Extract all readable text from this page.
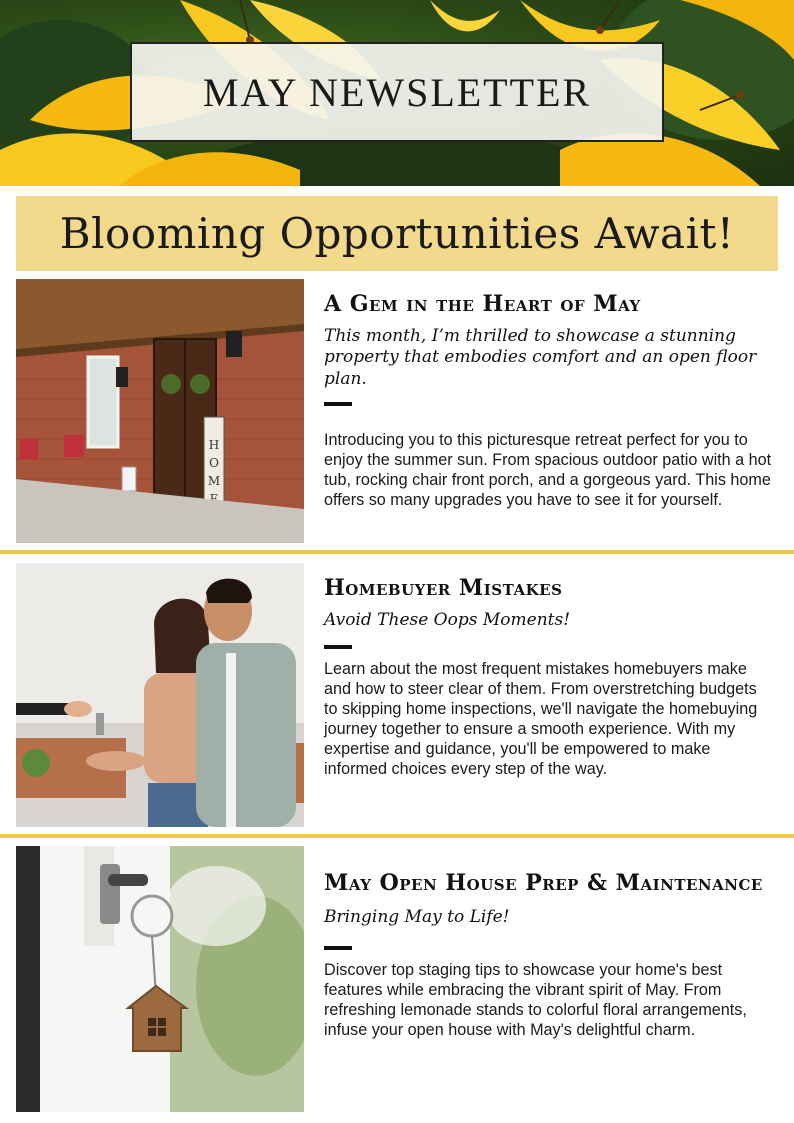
MAY NEWSLETTER
Blooming Opportunities Await!
H
O
M
E
A Gem in the Heart of May

This month, I’m thrilled to showcase a stunning property that embodies comfort and an open floor plan.

Introducing you to this picturesque retreat perfect for you to enjoy the summer sun. From spacious outdoor patio with a hot tub, rocking chair front porch, and a gorgeous yard. This home offers so many upgrades you have to see it for yourself.

Homebuyer Mistakes

Avoid These Oops Moments!

Learn about the most frequent mistakes homebuyers make and how to steer clear of them. From overstretching budgets to skipping home inspections, we'll navigate the homebuying journey together to ensure a smooth experience. With my expertise and guidance, you'll be empowered to make informed choices every step of the way.

May Open House Prep & Maintenance

Bringing May to Life!

Discover top staging tips to showcase your home's best features while embracing the vibrant spirit of May. From refreshing lemonade stands to colorful floral arrangements, infuse your open house with May's delightful charm.
